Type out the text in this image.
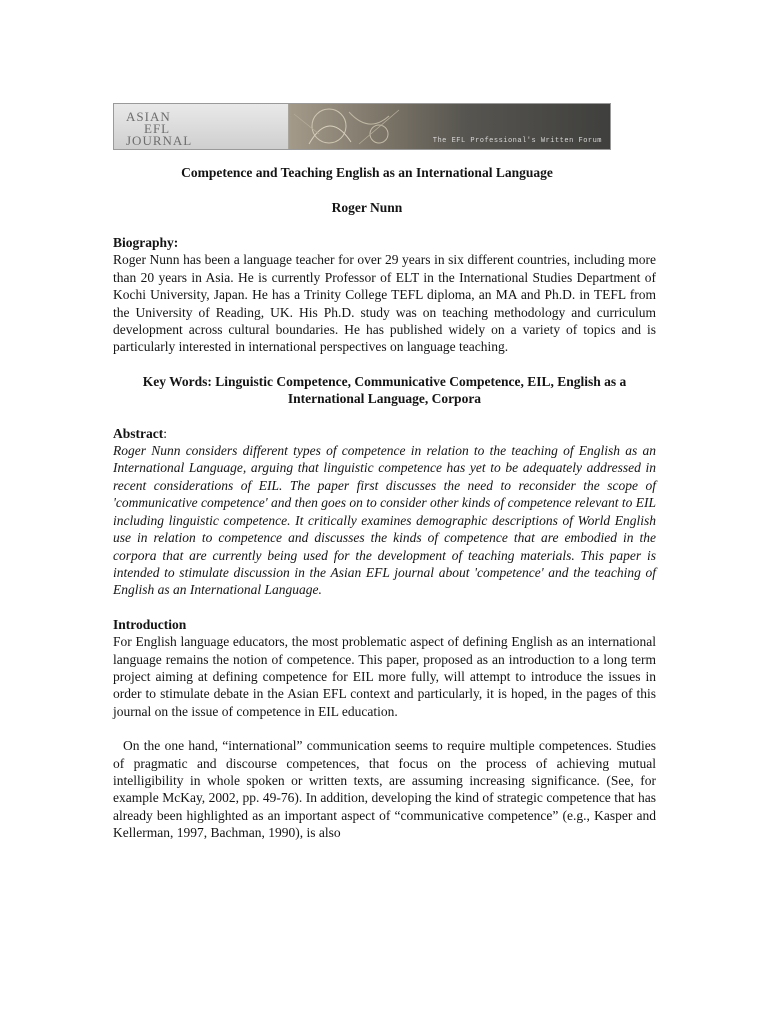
ASIAN
EFL
JOURNAL	The EFL Professional's Written Forum
Competence and Teaching English as an International Language
Roger Nunn
Biography:

Roger Nunn has been a language teacher for over 29 years in six different countries, including more than 20 years in Asia. He is currently Professor of ELT in the International Studies Department of Kochi University, Japan. He has a Trinity College TEFL diploma, an MA and Ph.D. in TEFL from the University of Reading, UK. His Ph.D. study was on teaching methodology and curriculum development across cultural boundaries. He has published widely on a variety of topics and is particularly interested in international perspectives on language teaching.

Key Words: Linguistic Competence, Communicative Competence, EIL, English as a International Language, Corpora
Abstract:

Roger Nunn considers different types of competence in relation to the teaching of English as an International Language, arguing that linguistic competence has yet to be adequately addressed in recent considerations of EIL. The paper first discusses the need to reconsider the scope of 'communicative competence' and then goes on to consider other kinds of competence relevant to EIL including linguistic competence. It critically examines demographic descriptions of World English use in relation to competence and discusses the kinds of competence that are embodied in the corpora that are currently being used for the development of teaching materials. This paper is intended to stimulate discussion in the Asian EFL journal about 'competence' and the teaching of English as an International Language.

Introduction

For English language educators, the most problematic aspect of defining English as an international language remains the notion of competence. This paper, proposed as an introduction to a long term project aiming at defining competence for EIL more fully, will attempt to introduce the issues in order to stimulate debate in the Asian EFL context and particularly, it is hoped, in the pages of this journal on the issue of competence in EIL education.

On the one hand, “international” communication seems to require multiple competences. Studies of pragmatic and discourse competences, that focus on the process of achieving mutual intelligibility in whole spoken or written texts, are assuming increasing significance. (See, for example McKay, 2002, pp. 49-76). In addition, developing the kind of strategic competence that has already been highlighted as an important aspect of “communicative competence” (e.g., Kasper and Kellerman, 1997, Bachman, 1990), is also
